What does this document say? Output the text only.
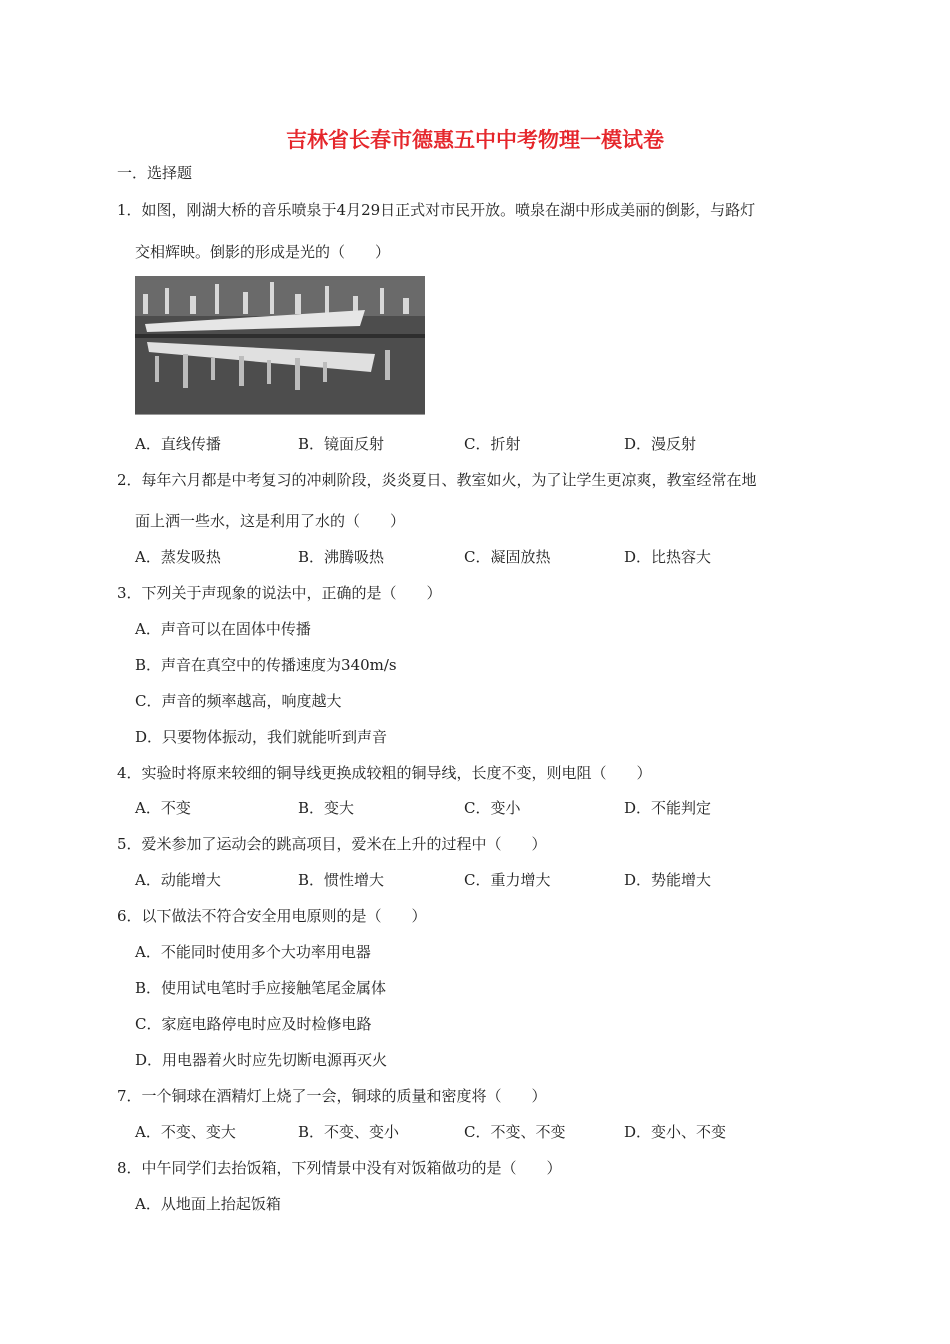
吉林省长春市德惠五中中考物理一模试卷
一．选择题
1．如图，刚湖大桥的音乐喷泉于4月29日正式对市民开放。喷泉在湖中形成美丽的倒影，与路灯
交相辉映。倒影的形成是光的（　　）
A．直线传播	B．镜面反射	C．折射	D．漫反射
2．每年六月都是中考复习的冲刺阶段，炎炎夏日、教室如火，为了让学生更凉爽，教室经常在地
面上洒一些水，这是利用了水的（　　）
A．蒸发吸热	B．沸腾吸热	C．凝固放热	D．比热容大
3．下列关于声现象的说法中，正确的是（　　）
A．声音可以在固体中传播
B．声音在真空中的传播速度为340m/s
C．声音的频率越高，响度越大
D．只要物体振动，我们就能听到声音
4．实验时将原来较细的铜导线更换成较粗的铜导线，长度不变，则电阻（　　）
A．不变	B．变大	C．变小	D．不能判定
5．爱米参加了运动会的跳高项目，爱米在上升的过程中（　　）
A．动能增大	B．惯性增大	C．重力增大	D．势能增大
6．以下做法不符合安全用电原则的是（　　）
A．不能同时使用多个大功率用电器
B．使用试电笔时手应接触笔尾金属体
C．家庭电路停电时应及时检修电路
D．用电器着火时应先切断电源再灭火
7．一个铜球在酒精灯上烧了一会，铜球的质量和密度将（　　）
A．不变、变大	B．不变、变小	C．不变、不变	D．变小、不变
8．中午同学们去抬饭箱，下列情景中没有对饭箱做功的是（　　）
A．从地面上抬起饭箱
